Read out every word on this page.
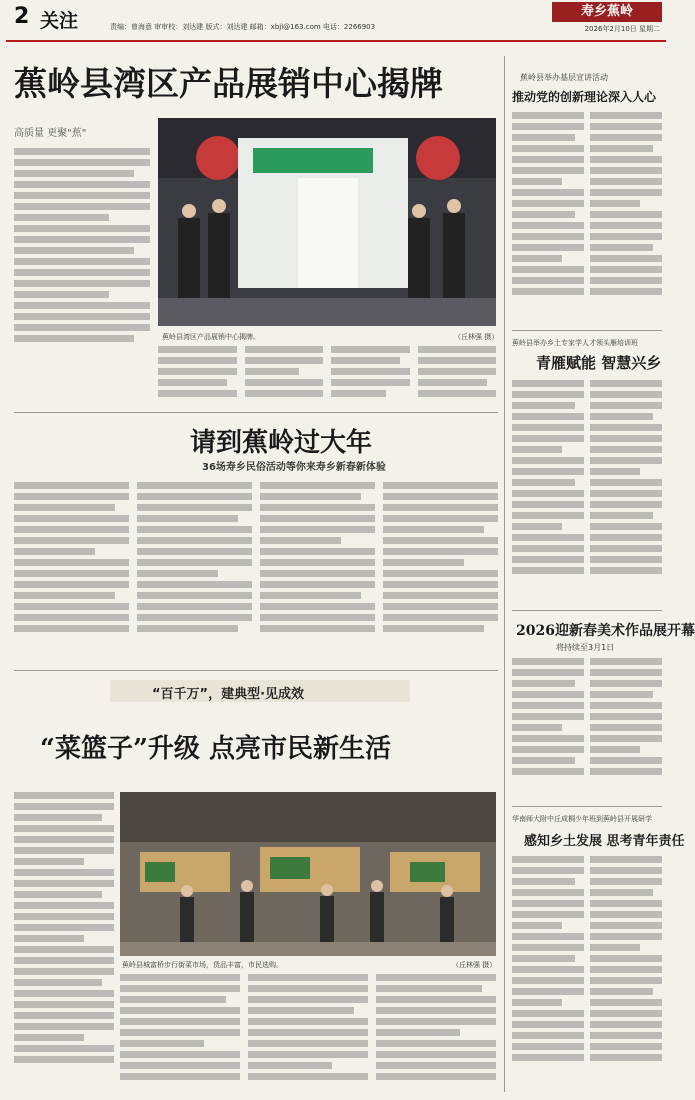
2 关注	责编：曾海意 审审校：刘达建 版式：刘达建 邮箱：xbjl@163.com 电话：2266903
寿乡蕉岭
2026年2月10日 星期二
蕉岭县湾区产品展销中心揭牌
高质量 更聚"蕉"
蕉岭县湾区产品展销中心揭牌。	（丘林强 摄）
请到蕉岭过大年
36场寿乡民俗活动等你来寿乡新春新体验
“百千万”，建典型·见成效
“菜篮子”升级 点亮市民新生活
蕉岭县城富桥步行街菜市场，货品丰富，市民选购。	（丘林强 摄）
蕉岭县举办基层宣讲活动
推动党的创新理论深入人心
蕉岭县举办乡土专家学人才领头雁培训班
青雁赋能 智慧兴乡
2026迎新春美术作品展开幕
将持续至3月1日
华南师大附中丘成桐少年班到蕉岭县开展研学
感知乡土发展 思考青年责任
